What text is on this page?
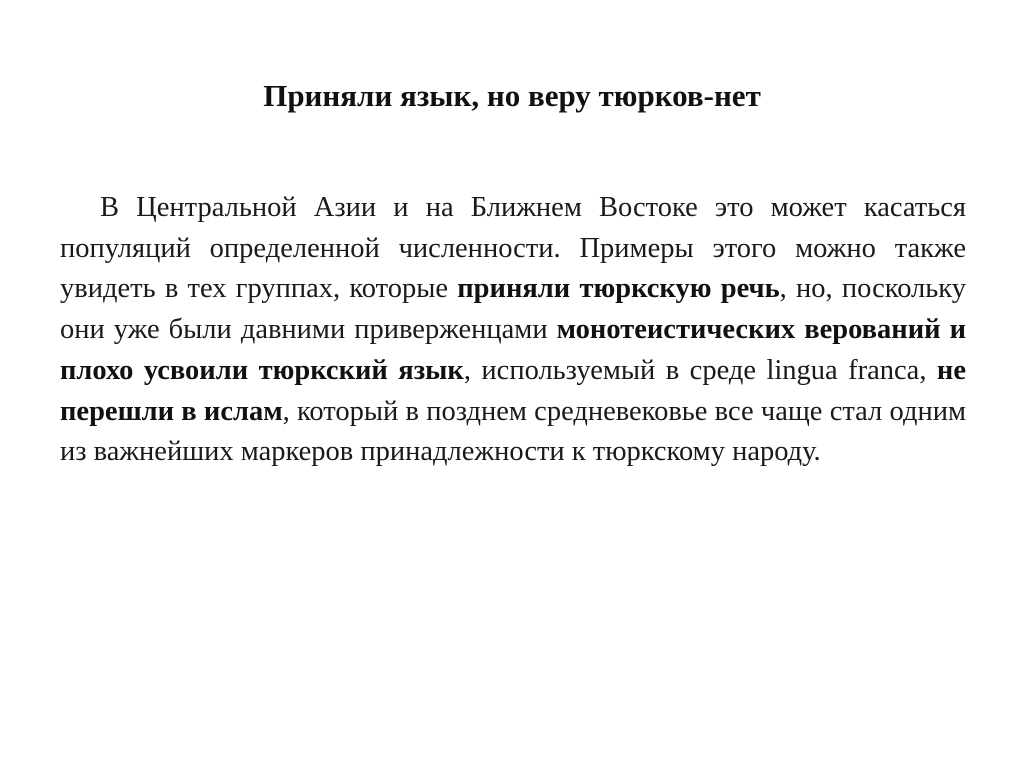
Приняли язык, но веру тюрков-нет

В Центральной Азии и на Ближнем Востоке это может касаться популяций определенной численности. Примеры этого можно также увидеть в тех группах, которые приняли тюркскую речь, но, поскольку они уже были давними приверженцами монотеистических верований и плохо усвоили тюркский язык, используемый в среде lingua franca, не перешли в ислам, который в позднем средневековье все чаще стал одним из важнейших маркеров принадлежности к тюркскому народу.
